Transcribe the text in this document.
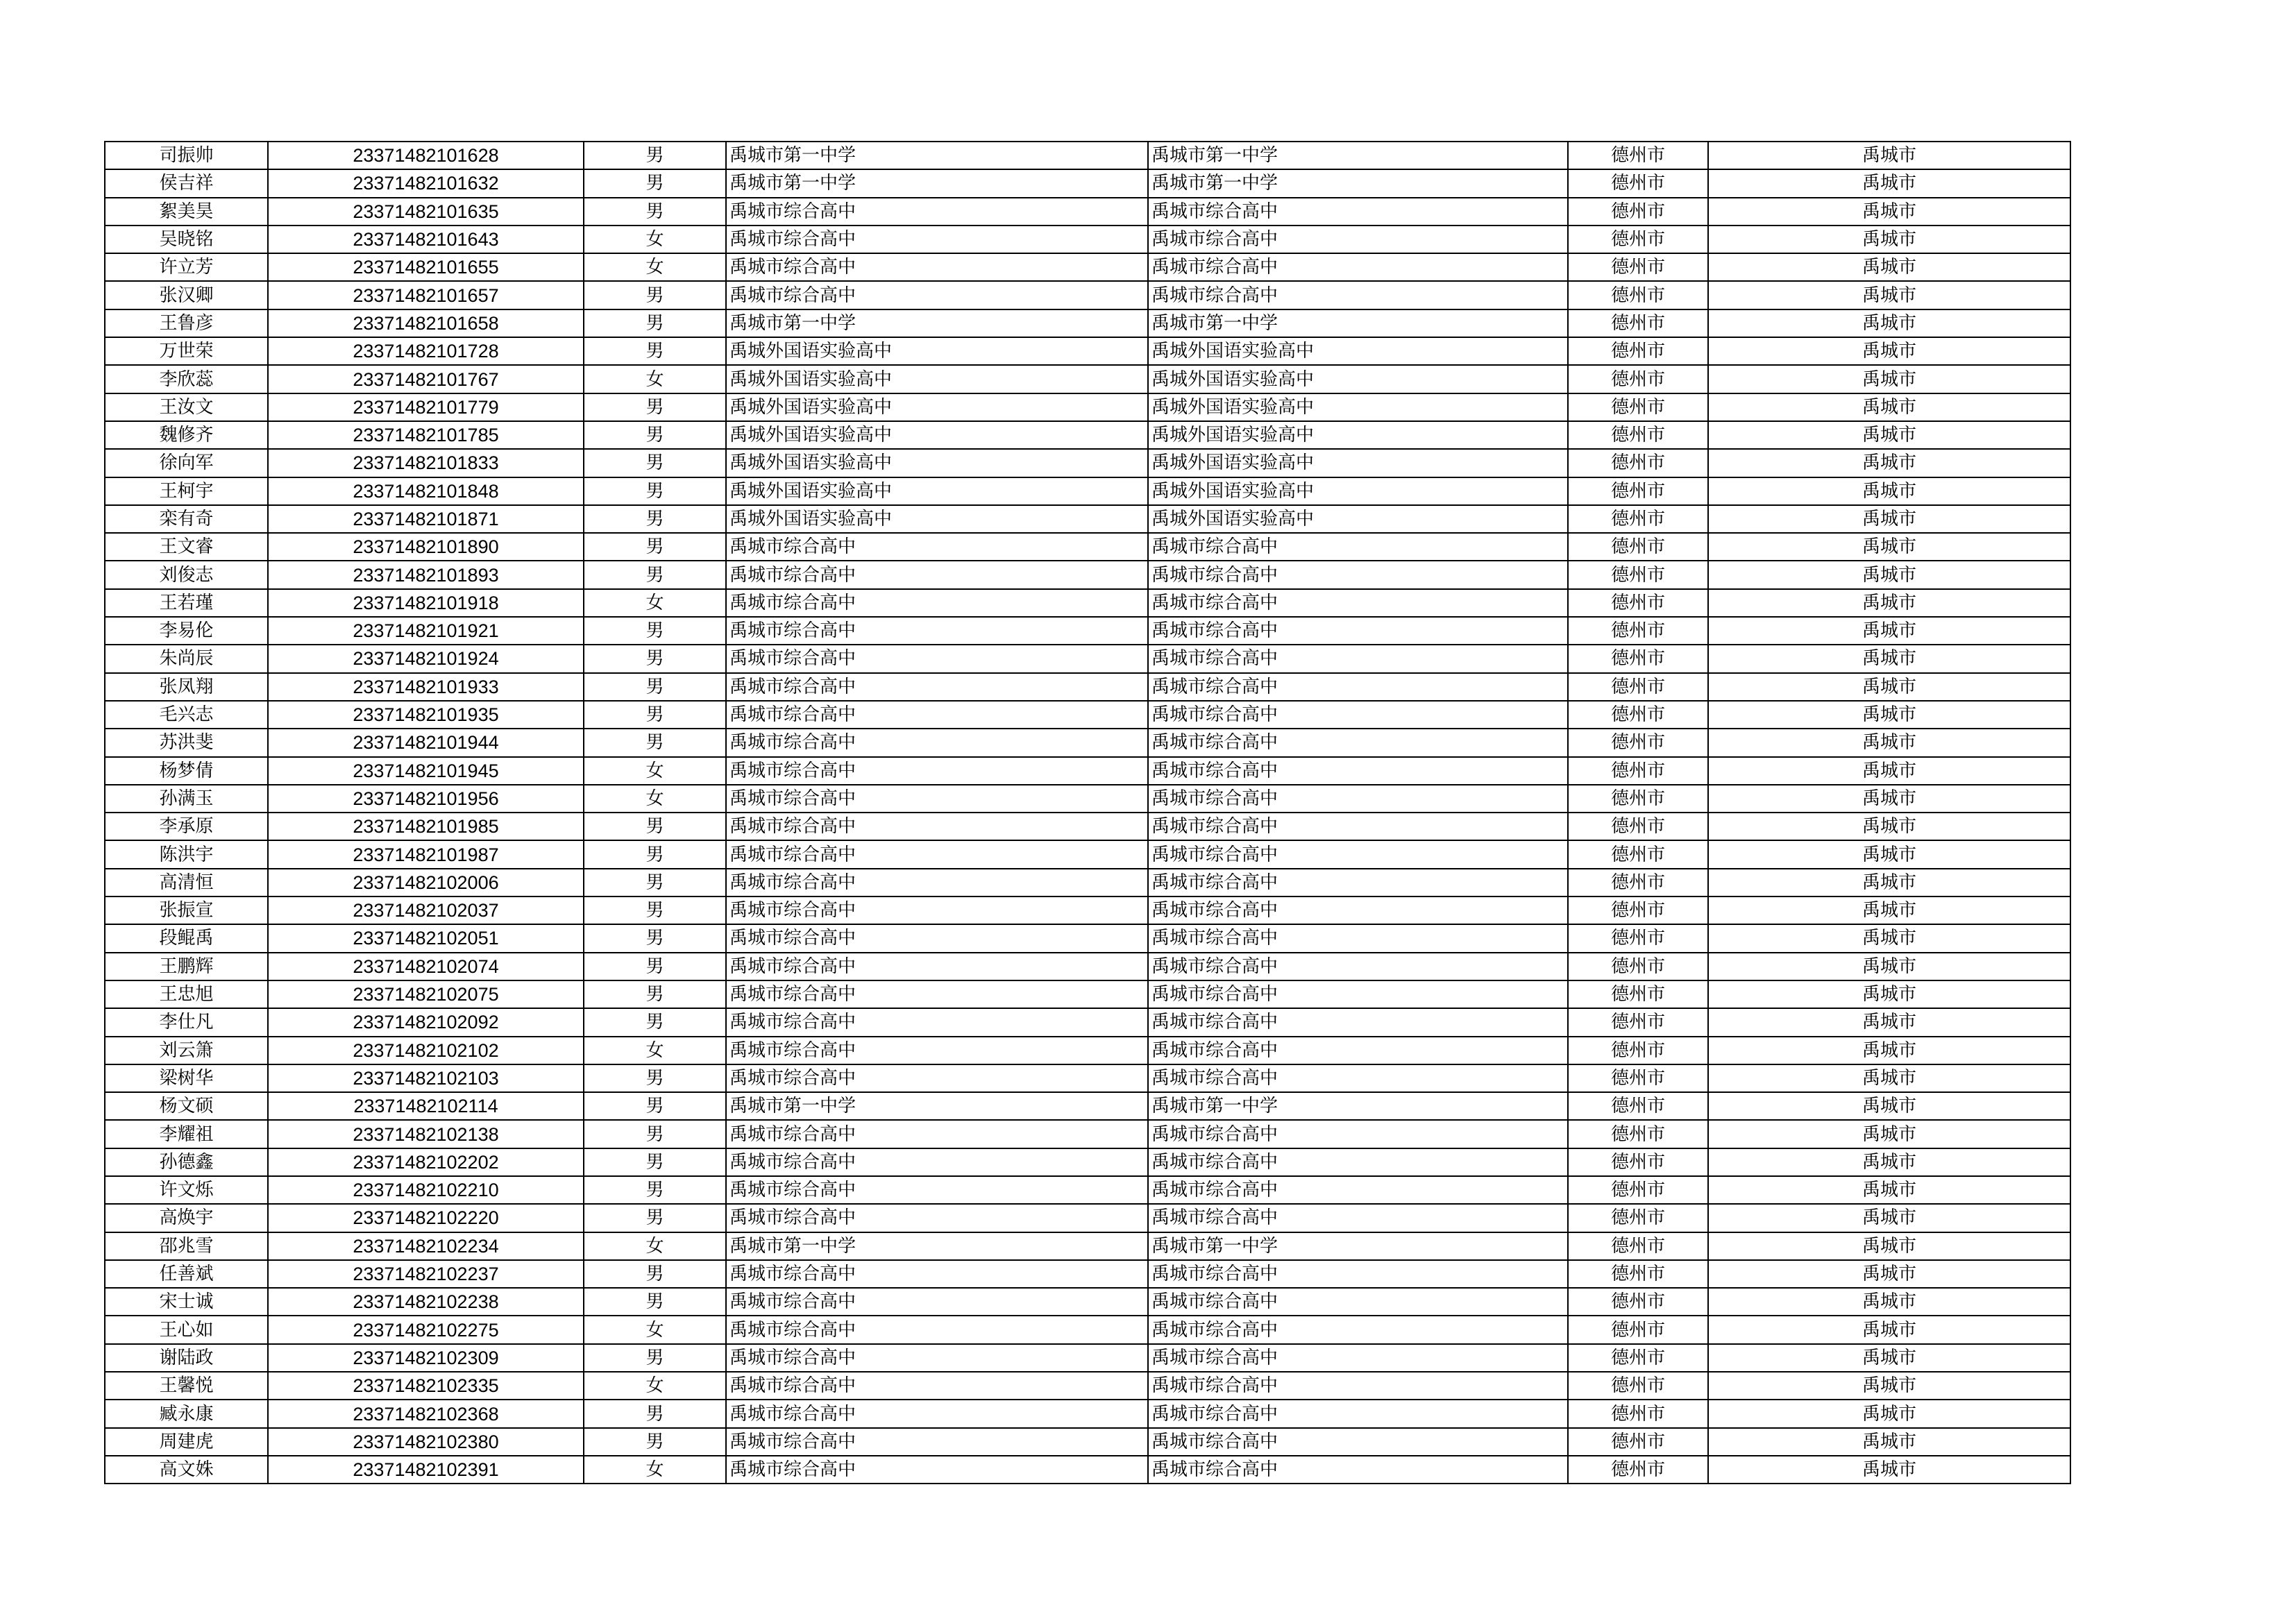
司振帅	23371482101628	男	禹城市第一中学	禹城市第一中学	德州市	禹城市
侯吉祥	23371482101632	男	禹城市第一中学	禹城市第一中学	德州市	禹城市
絮美昊	23371482101635	男	禹城市综合高中	禹城市综合高中	德州市	禹城市
吴晓铭	23371482101643	女	禹城市综合高中	禹城市综合高中	德州市	禹城市
许立芳	23371482101655	女	禹城市综合高中	禹城市综合高中	德州市	禹城市
张汉卿	23371482101657	男	禹城市综合高中	禹城市综合高中	德州市	禹城市
王鲁彦	23371482101658	男	禹城市第一中学	禹城市第一中学	德州市	禹城市
万世荣	23371482101728	男	禹城外国语实验高中	禹城外国语实验高中	德州市	禹城市
李欣蕊	23371482101767	女	禹城外国语实验高中	禹城外国语实验高中	德州市	禹城市
王汝文	23371482101779	男	禹城外国语实验高中	禹城外国语实验高中	德州市	禹城市
魏修齐	23371482101785	男	禹城外国语实验高中	禹城外国语实验高中	德州市	禹城市
徐向军	23371482101833	男	禹城外国语实验高中	禹城外国语实验高中	德州市	禹城市
王柯宇	23371482101848	男	禹城外国语实验高中	禹城外国语实验高中	德州市	禹城市
栾有奇	23371482101871	男	禹城外国语实验高中	禹城外国语实验高中	德州市	禹城市
王文睿	23371482101890	男	禹城市综合高中	禹城市综合高中	德州市	禹城市
刘俊志	23371482101893	男	禹城市综合高中	禹城市综合高中	德州市	禹城市
王若瑾	23371482101918	女	禹城市综合高中	禹城市综合高中	德州市	禹城市
李易伦	23371482101921	男	禹城市综合高中	禹城市综合高中	德州市	禹城市
朱尚辰	23371482101924	男	禹城市综合高中	禹城市综合高中	德州市	禹城市
张凤翔	23371482101933	男	禹城市综合高中	禹城市综合高中	德州市	禹城市
毛兴志	23371482101935	男	禹城市综合高中	禹城市综合高中	德州市	禹城市
苏洪斐	23371482101944	男	禹城市综合高中	禹城市综合高中	德州市	禹城市
杨梦倩	23371482101945	女	禹城市综合高中	禹城市综合高中	德州市	禹城市
孙满玉	23371482101956	女	禹城市综合高中	禹城市综合高中	德州市	禹城市
李承原	23371482101985	男	禹城市综合高中	禹城市综合高中	德州市	禹城市
陈洪宇	23371482101987	男	禹城市综合高中	禹城市综合高中	德州市	禹城市
高清恒	23371482102006	男	禹城市综合高中	禹城市综合高中	德州市	禹城市
张振宣	23371482102037	男	禹城市综合高中	禹城市综合高中	德州市	禹城市
段鲲禹	23371482102051	男	禹城市综合高中	禹城市综合高中	德州市	禹城市
王鹏辉	23371482102074	男	禹城市综合高中	禹城市综合高中	德州市	禹城市
王忠旭	23371482102075	男	禹城市综合高中	禹城市综合高中	德州市	禹城市
李仕凡	23371482102092	男	禹城市综合高中	禹城市综合高中	德州市	禹城市
刘云箫	23371482102102	女	禹城市综合高中	禹城市综合高中	德州市	禹城市
梁树华	23371482102103	男	禹城市综合高中	禹城市综合高中	德州市	禹城市
杨文硕	23371482102114	男	禹城市第一中学	禹城市第一中学	德州市	禹城市
李耀祖	23371482102138	男	禹城市综合高中	禹城市综合高中	德州市	禹城市
孙德鑫	23371482102202	男	禹城市综合高中	禹城市综合高中	德州市	禹城市
许文烁	23371482102210	男	禹城市综合高中	禹城市综合高中	德州市	禹城市
高焕宇	23371482102220	男	禹城市综合高中	禹城市综合高中	德州市	禹城市
邵兆雪	23371482102234	女	禹城市第一中学	禹城市第一中学	德州市	禹城市
任善斌	23371482102237	男	禹城市综合高中	禹城市综合高中	德州市	禹城市
宋士诚	23371482102238	男	禹城市综合高中	禹城市综合高中	德州市	禹城市
王心如	23371482102275	女	禹城市综合高中	禹城市综合高中	德州市	禹城市
谢陆政	23371482102309	男	禹城市综合高中	禹城市综合高中	德州市	禹城市
王馨悦	23371482102335	女	禹城市综合高中	禹城市综合高中	德州市	禹城市
臧永康	23371482102368	男	禹城市综合高中	禹城市综合高中	德州市	禹城市
周建虎	23371482102380	男	禹城市综合高中	禹城市综合高中	德州市	禹城市
高文姝	23371482102391	女	禹城市综合高中	禹城市综合高中	德州市	禹城市
